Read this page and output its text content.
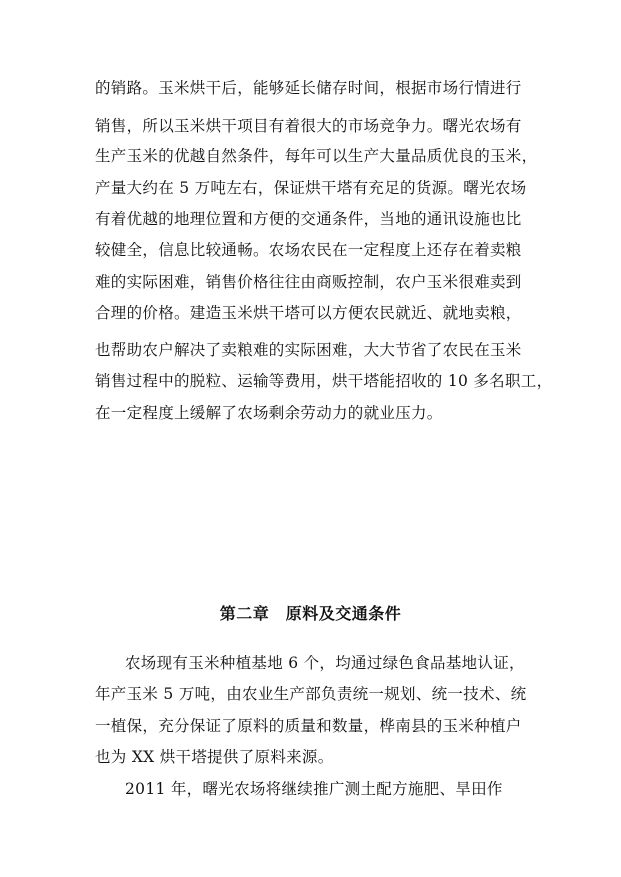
的销路。玉米烘干后，能够延长储存时间，根据市场行情进行
销售，所以玉米烘干项目有着很大的市场竞争力。曙光农场有
生产玉米的优越自然条件，每年可以生产大量品质优良的玉米，
产量大约在 5 万吨左右，保证烘干塔有充足的货源。曙光农场
有着优越的地理位置和方便的交通条件，当地的通讯设施也比
较健全，信息比较通畅。农场农民在一定程度上还存在着卖粮
难的实际困难，销售价格往往由商贩控制，农户玉米很难卖到
合理的价格。建造玉米烘干塔可以方便农民就近、就地卖粮，
也帮助农户解决了卖粮难的实际困难，大大节省了农民在玉米
销售过程中的脱粒、运输等费用，烘干塔能招收的 10 多名职工，
在一定程度上缓解了农场剩余劳动力的就业压力。
第二章　原料及交通条件
农场现有玉米种植基地 6 个，均通过绿色食品基地认证，
年产玉米 5 万吨，由农业生产部负责统一规划、统一技术、统
一植保，充分保证了原料的质量和数量，桦南县的玉米种植户
也为 XX 烘干塔提供了原料来源。
2011 年，曙光农场将继续推广测土配方施肥、旱田作
